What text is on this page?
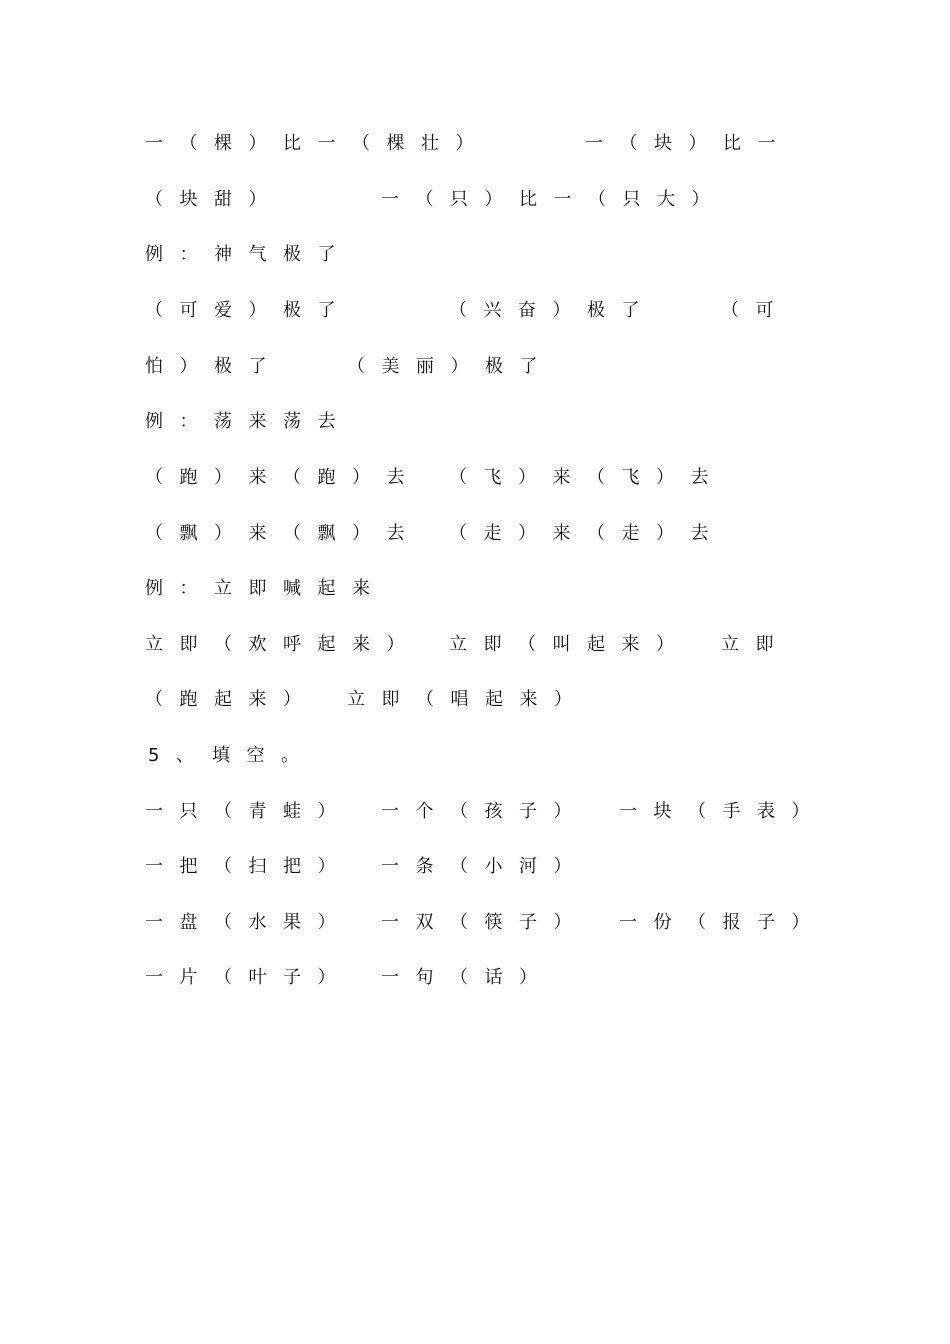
一（棵）比一（棵壮）	一（块）比一
（块甜）	一（只）比一（只大）
例：神气极了
（可爱）极了	（兴奋）极了	（可
怕）极了	（美丽）极了
例：荡来荡去
（跑）来（跑）去 （飞）来（飞）去
（飘）来（飘）去 （走）来（走）去
例：立即喊起来
立即（欢呼起来） 立即（叫起来） 立即
（跑起来） 立即（唱起来）
5、 填空。
一只（青蛙） 一个（孩子） 一块（手表）
一把（扫把） 一条（小河）
一盘（水果） 一双（筷子） 一份（报子）
一片（叶子） 一句（话）
